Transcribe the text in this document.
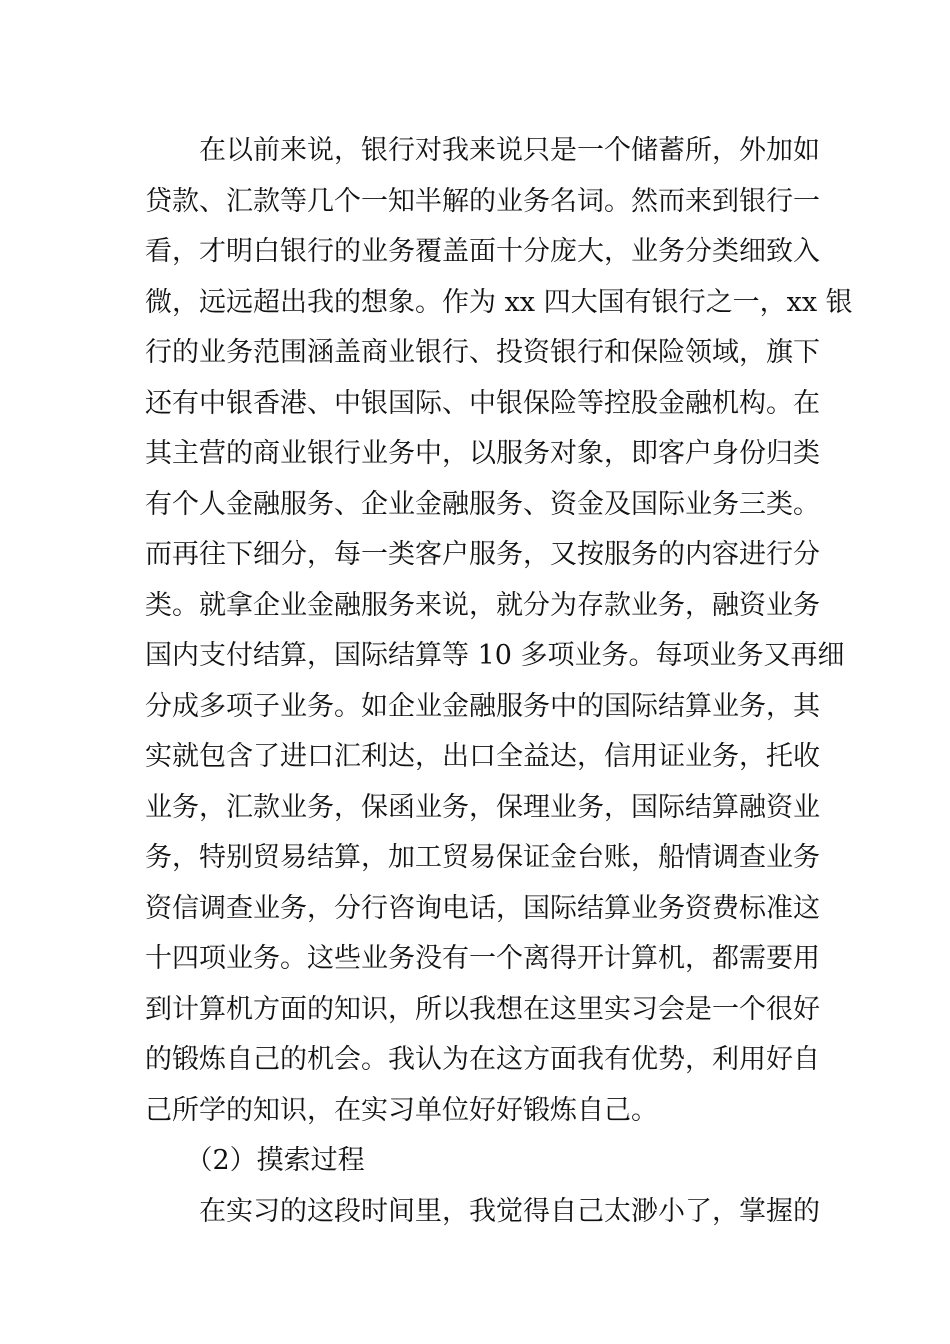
　　在以前来说，银行对我来说只是一个储蓄所，外加如
贷款、汇款等几个一知半解的业务名词。然而来到银行一
看，才明白银行的业务覆盖面十分庞大，业务分类细致入
微，远远超出我的想象。作为 xx 四大国有银行之一，xx 银
行的业务范围涵盖商业银行、投资银行和保险领域，旗下
还有中银香港、中银国际、中银保险等控股金融机构。在
其主营的商业银行业务中，以服务对象，即客户身份归类
有个人金融服务、企业金融服务、资金及国际业务三类。
而再往下细分，每一类客户服务，又按服务的内容进行分
类。就拿企业金融服务来说，就分为存款业务，融资业务
国内支付结算，国际结算等 10 多项业务。每项业务又再细
分成多项子业务。如企业金融服务中的国际结算业务，其
实就包含了进口汇利达，出口全益达，信用证业务，托收
业务，汇款业务，保函业务，保理业务，国际结算融资业
务，特别贸易结算，加工贸易保证金台账，船情调查业务
资信调查业务，分行咨询电话，国际结算业务资费标准这
十四项业务。这些业务没有一个离得开计算机，都需要用
到计算机方面的知识，所以我想在这里实习会是一个很好
的锻炼自己的机会。我认为在这方面我有优势，利用好自
己所学的知识，在实习单位好好锻炼自己。
　　（2）摸索过程
　　在实习的这段时间里，我觉得自己太渺小了，掌握的
